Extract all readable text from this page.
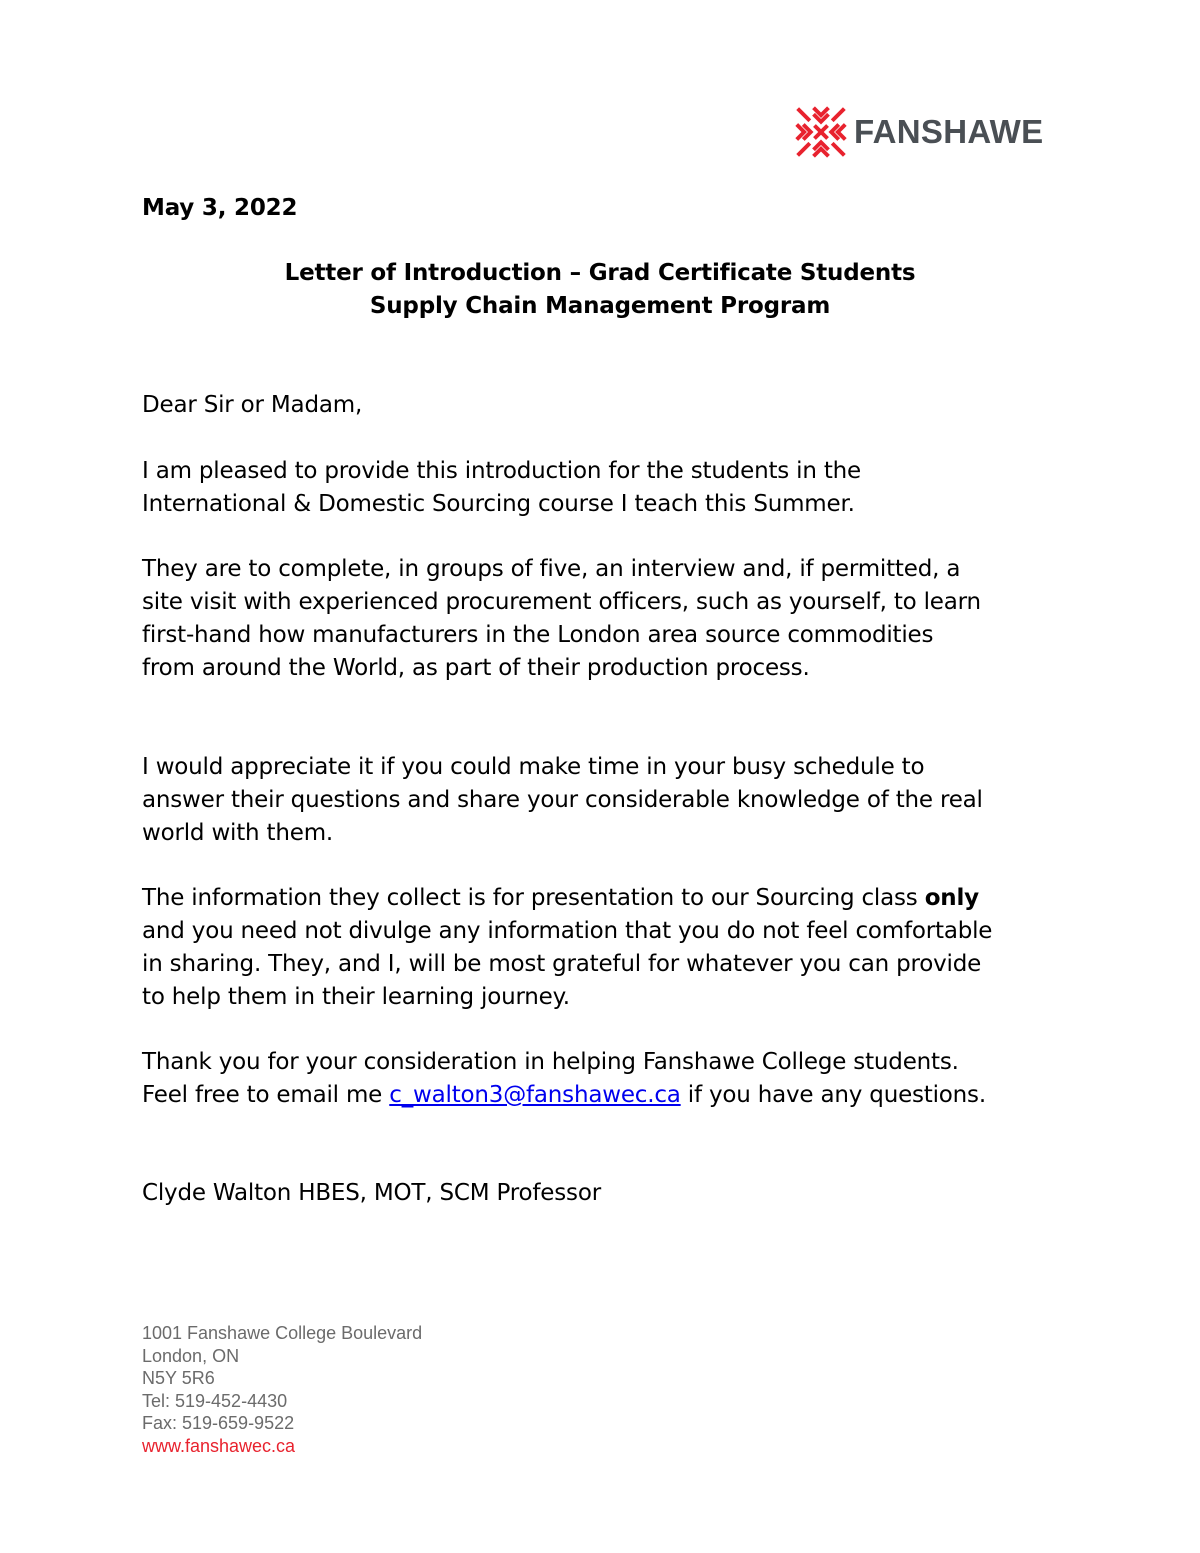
FANSHAWE
May 3, 2022
Letter of Introduction – Grad Certificate Students
Supply Chain Management Program
Dear Sir or Madam,
I am pleased to provide this introduction for the students in the
International & Domestic Sourcing course I teach this Summer.
They are to complete, in groups of five, an interview and, if permitted, a
site visit with experienced procurement officers, such as yourself, to learn
first-hand how manufacturers in the London area source commodities
from around the World, as part of their production process.
I would appreciate it if you could make time in your busy schedule to
answer their questions and share your considerable knowledge of the real
world with them.
The information they collect is for presentation to our Sourcing class only
and you need not divulge any information that you do not feel comfortable
in sharing. They, and I, will be most grateful for whatever you can provide
to help them in their learning journey.
Thank you for your consideration in helping Fanshawe College students.
Feel free to email me c_walton3@fanshawec.ca if you have any questions.
Clyde Walton HBES, MOT, SCM Professor
1001 Fanshawe College Boulevard
London, ON
N5Y 5R6
Tel: 519-452-4430
Fax: 519-659-9522
www.fanshawec.ca
